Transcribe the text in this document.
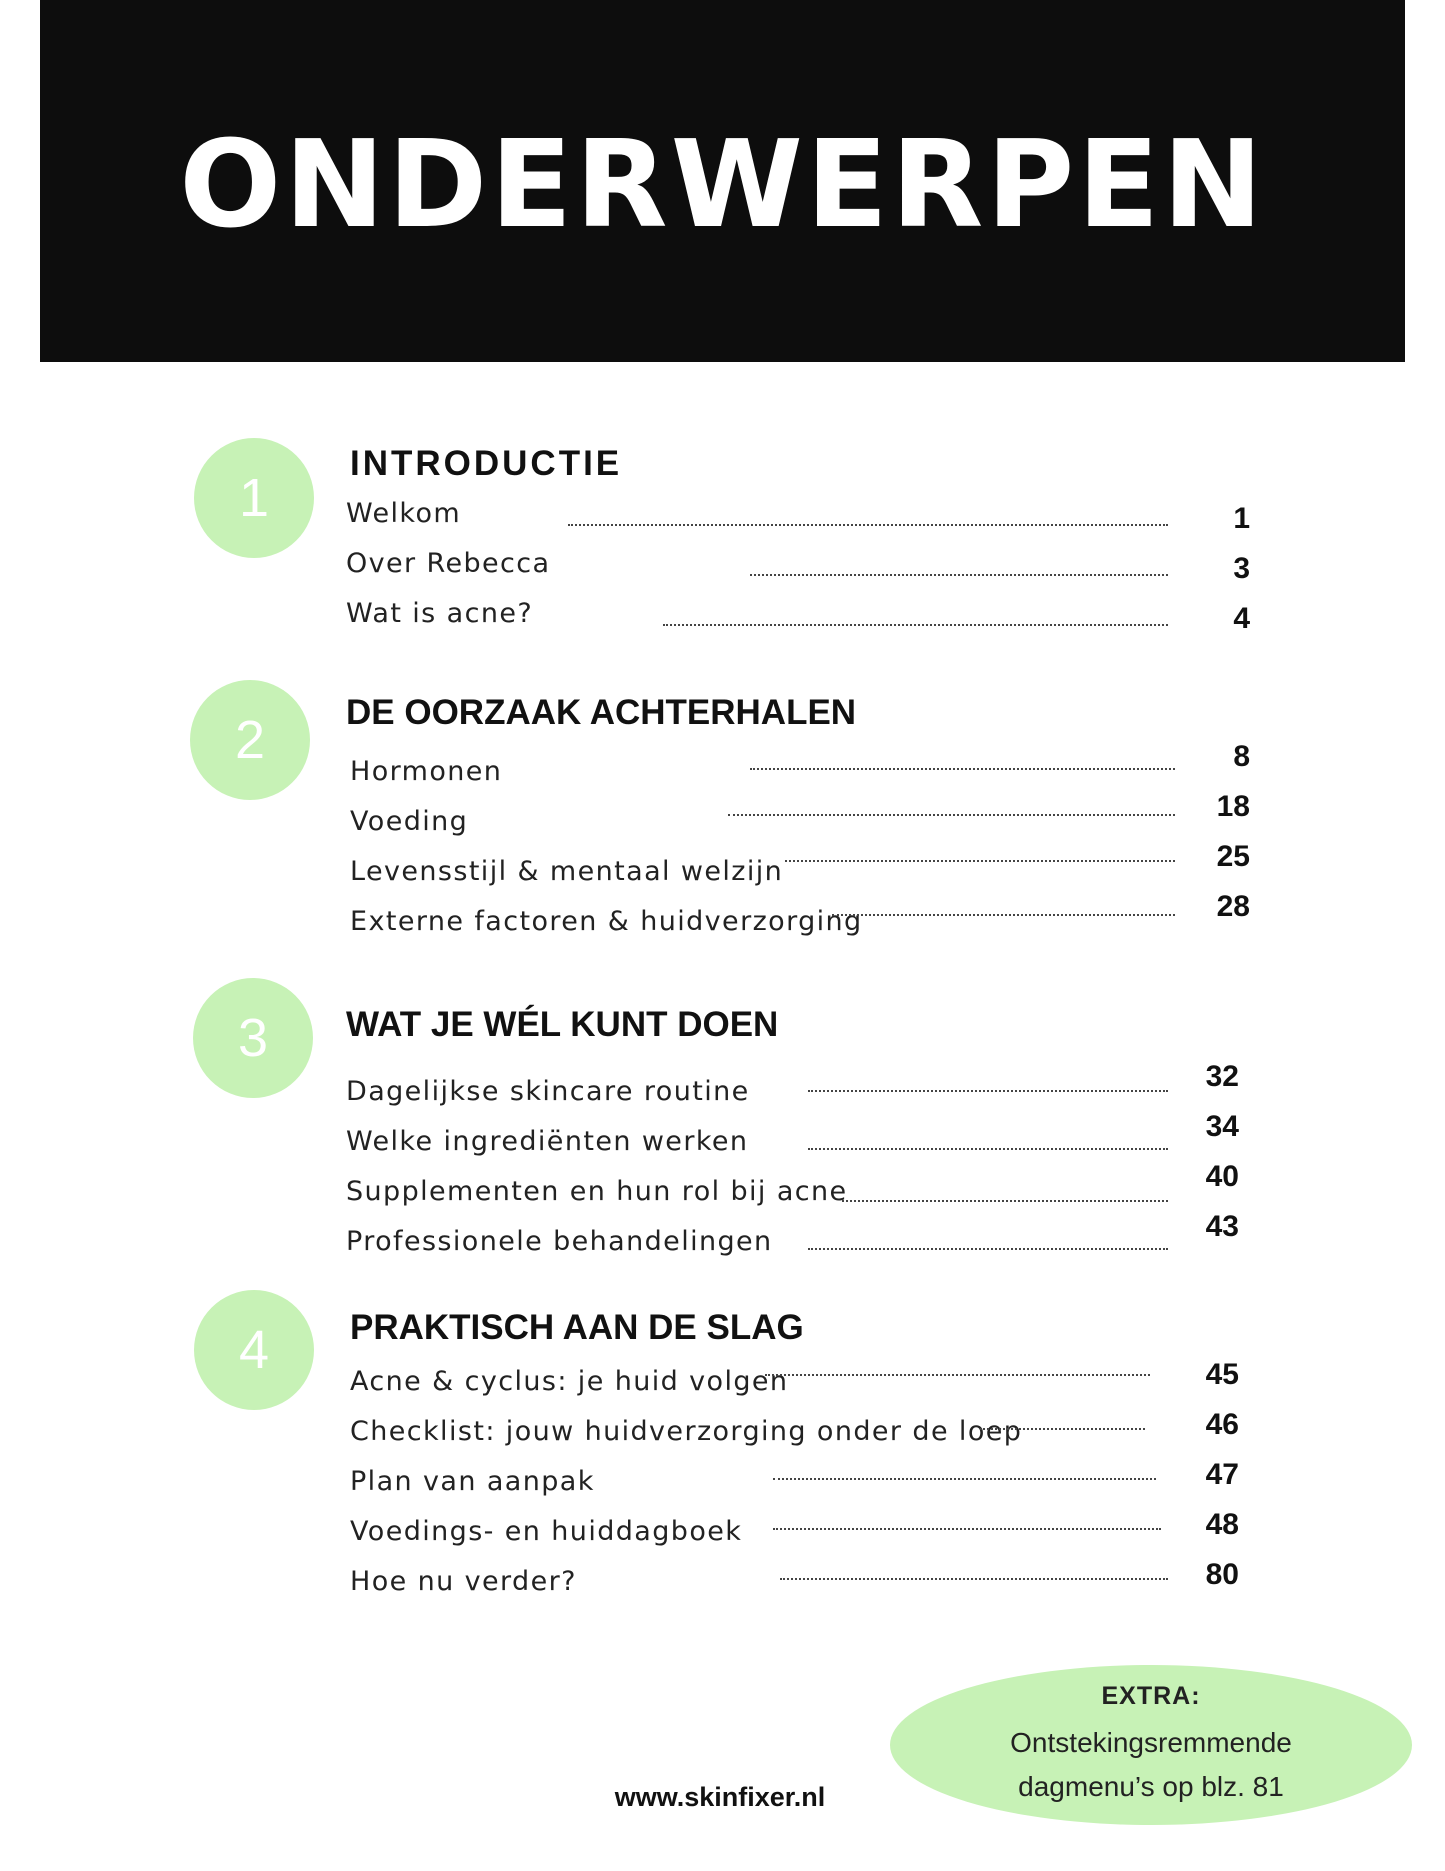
ONDERWERPEN
1
INTRODUCTIE
Welkom	1
Over Rebecca	3
Wat is acne?	4
2 DE OORZAAK ACHTERHALEN
Hormonen	8
Voeding	18
Levensstijl & mentaal welzijn	25
Externe factoren & huidverzorging	28
3 WAT JE WÉL KUNT DOEN
Dagelijkse skincare routine	32
Welke ingrediënten werken	34
Supplementen en hun rol bij acne	40
Professionele behandelingen	43
4 PRAKTISCH AAN DE SLAG
Acne & cyclus: je huid volgen	45
Checklist: jouw huidverzorging onder de loep	46
Plan van aanpak	47
Voedings- en huiddagboek	48
Hoe nu verder?	80
EXTRA:
Ontstekingsremmende
dagmenu’s op blz. 81
www.skinfixer.nl
